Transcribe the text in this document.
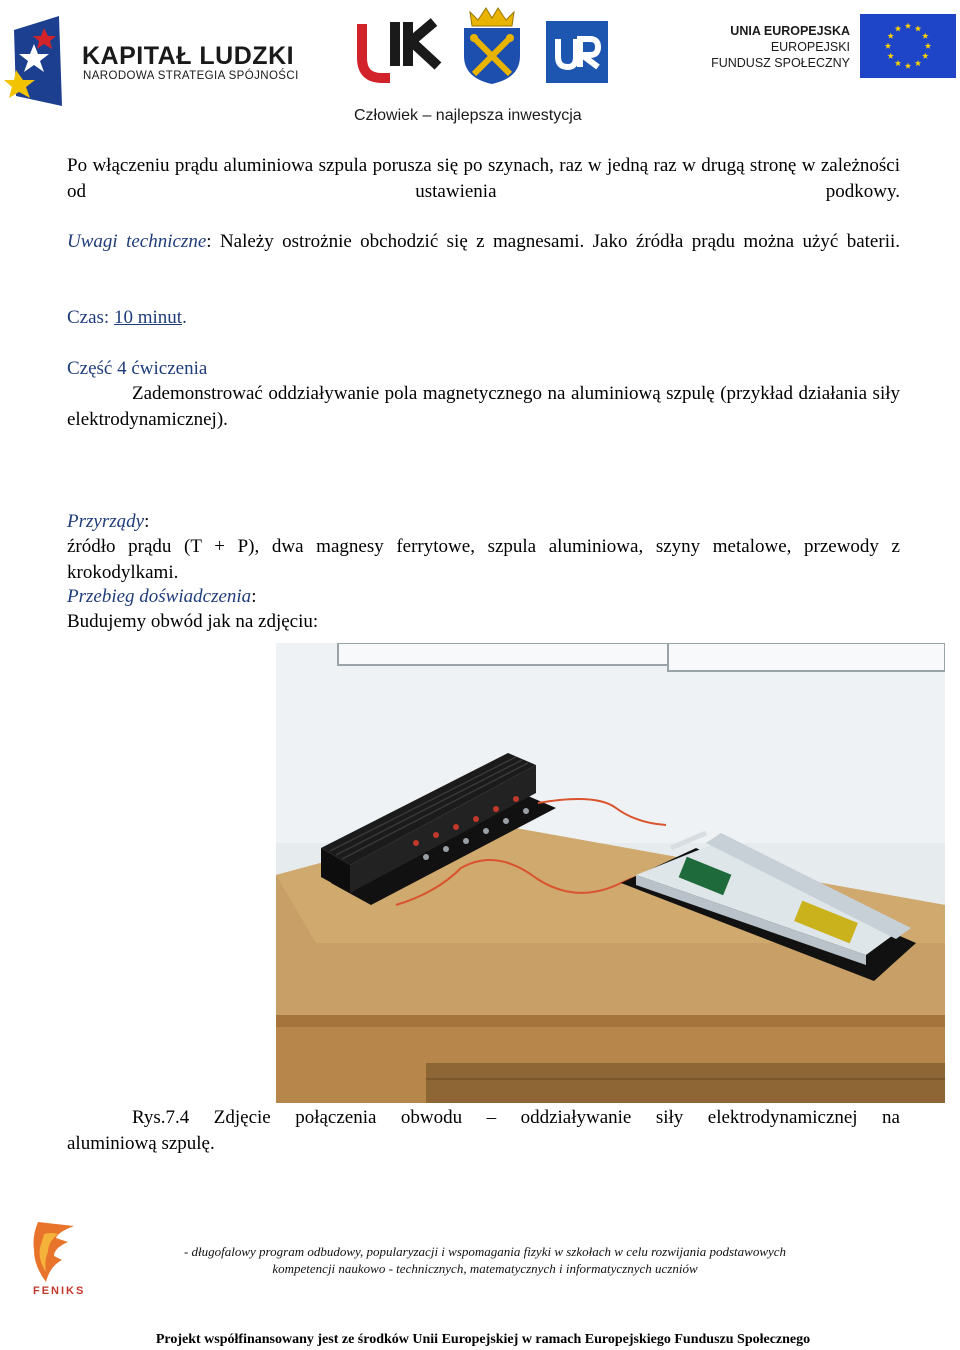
KAPITAŁ LUDZKI
NARODOWA STRATEGIA SPÓJNOŚCI
UJK
UNIA EUROPEJSKA
EUROPEJSKI
FUNDUSZ SPOŁECZNY
Człowiek – najlepsza inwestycja
Po włączeniu prądu aluminiowa szpula porusza się po szynach, raz w jedną raz w drugą stronę w zależności od ustawienia podkowy.
Uwagi techniczne: Należy ostrożnie obchodzić się z magnesami. Jako źródła prądu można użyć baterii.
Czas: 10 minut.
Część 4 ćwiczenia
Zademonstrować oddziaływanie pola magnetycznego na aluminiową szpulę (przykład działania siły elektrodynamicznej).
Przyrządy:
źródło prądu (T + P), dwa magnesy ferrytowe, szpula aluminiowa, szyny metalowe, przewody z krokodylkami.
Przebieg doświadczenia:
Budujemy obwód jak na zdjęciu:
Rys.7.4 Zdjęcie połączenia obwodu – oddziaływanie siły elektrodynamicznej na
aluminiową szpulę.
FENIKS
- długofalowy program odbudowy, popularyzacji i wspomagania fizyki w szkołach w celu rozwijania podstawowych
kompetencji naukowo - technicznych, matematycznych i informatycznych uczniów
Projekt współfinansowany jest ze środków Unii Europejskiej w ramach Europejskiego Funduszu Społecznego
